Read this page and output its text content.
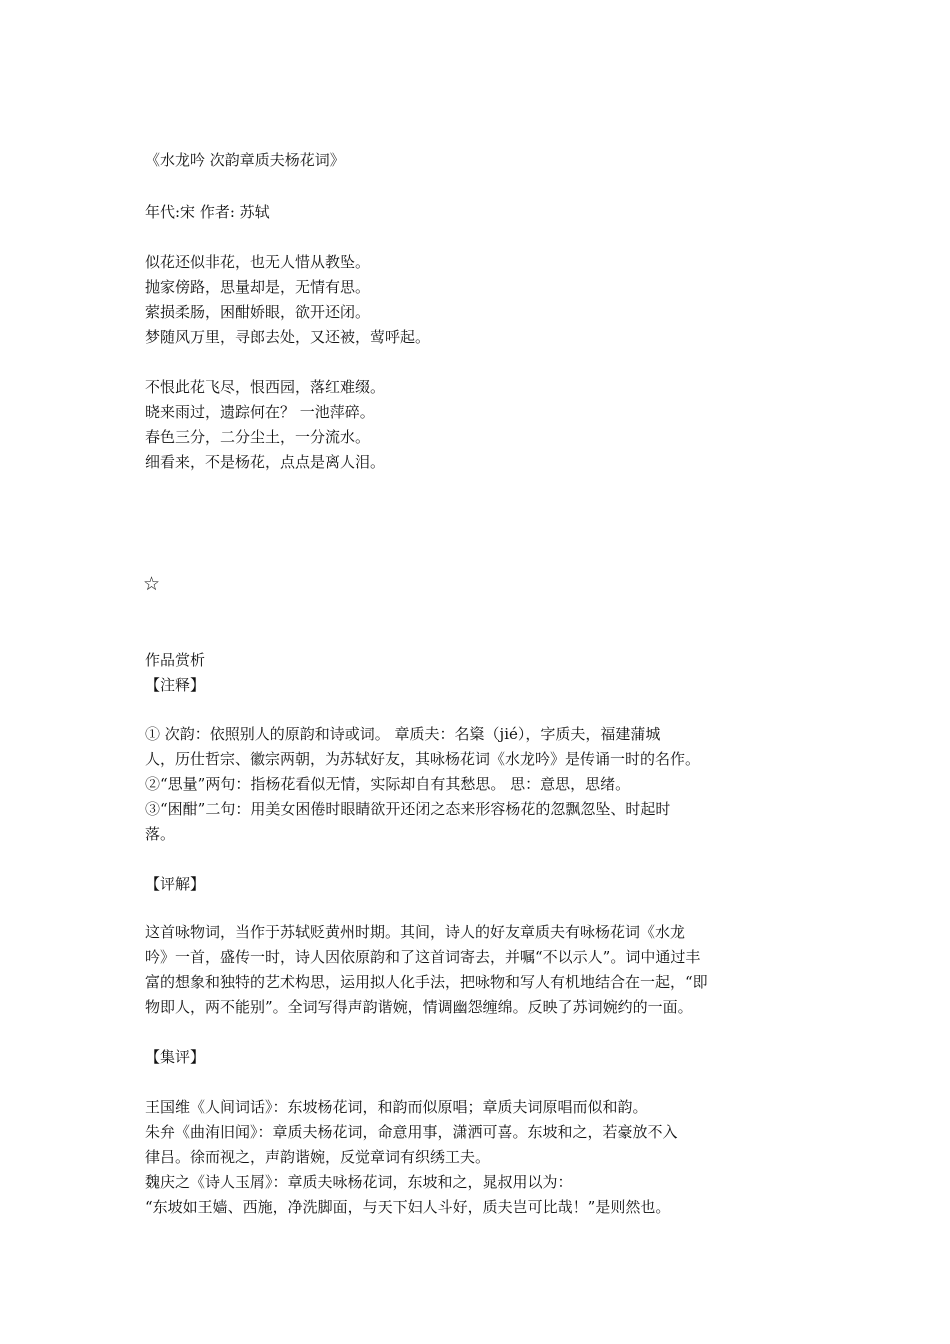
《水龙吟 次韵章质夫杨花词》
年代:宋 作者: 苏轼
似花还似非花，也无人惜从教坠。
抛家傍路，思量却是，无情有思。
萦损柔肠，困酣娇眼，欲开还闭。
梦随风万里，寻郎去处，又还被，莺呼起。
不恨此花飞尽，恨西园，落红难缀。
晓来雨过，遗踪何在？ 一池萍碎。
春色三分，二分尘土，一分流水。
细看来，不是杨花，点点是离人泪。
☆
作品赏析
【注释】
① 次韵：依照别人的原韵和诗或词。 章质夫：名楶（jié），字质夫，福建蒲城
人，历仕哲宗、徽宗两朝，为苏轼好友，其咏杨花词《水龙吟》是传诵一时的名作。
②“思量”两句：指杨花看似无情，实际却自有其愁思。 思：意思，思绪。
③“困酣”二句：用美女困倦时眼睛欲开还闭之态来形容杨花的忽飘忽坠、时起时
落。
【评解】
这首咏物词，当作于苏轼贬黄州时期。其间，诗人的好友章质夫有咏杨花词《水龙
吟》一首，盛传一时，诗人因依原韵和了这首词寄去，并嘱“不以示人”。词中通过丰
富的想象和独特的艺术构思，运用拟人化手法，把咏物和写人有机地结合在一起，“即
物即人，两不能别”。全词写得声韵谐婉，情调幽怨缠绵。反映了苏词婉约的一面。
【集评】
王国维《人间词话》：东坡杨花词，和韵而似原唱；章质夫词原唱而似和韵。
朱弁《曲洧旧闻》：章质夫杨花词，命意用事，潇洒可喜。东坡和之，若豪放不入
律吕。徐而视之，声韵谐婉，反觉章词有织绣工夫。
魏庆之《诗人玉屑》：章质夫咏杨花词，东坡和之，晁叔用以为：
“东坡如王嫱、西施，净洗脚面，与天下妇人斗好，质夫岂可比哉！”是则然也。
